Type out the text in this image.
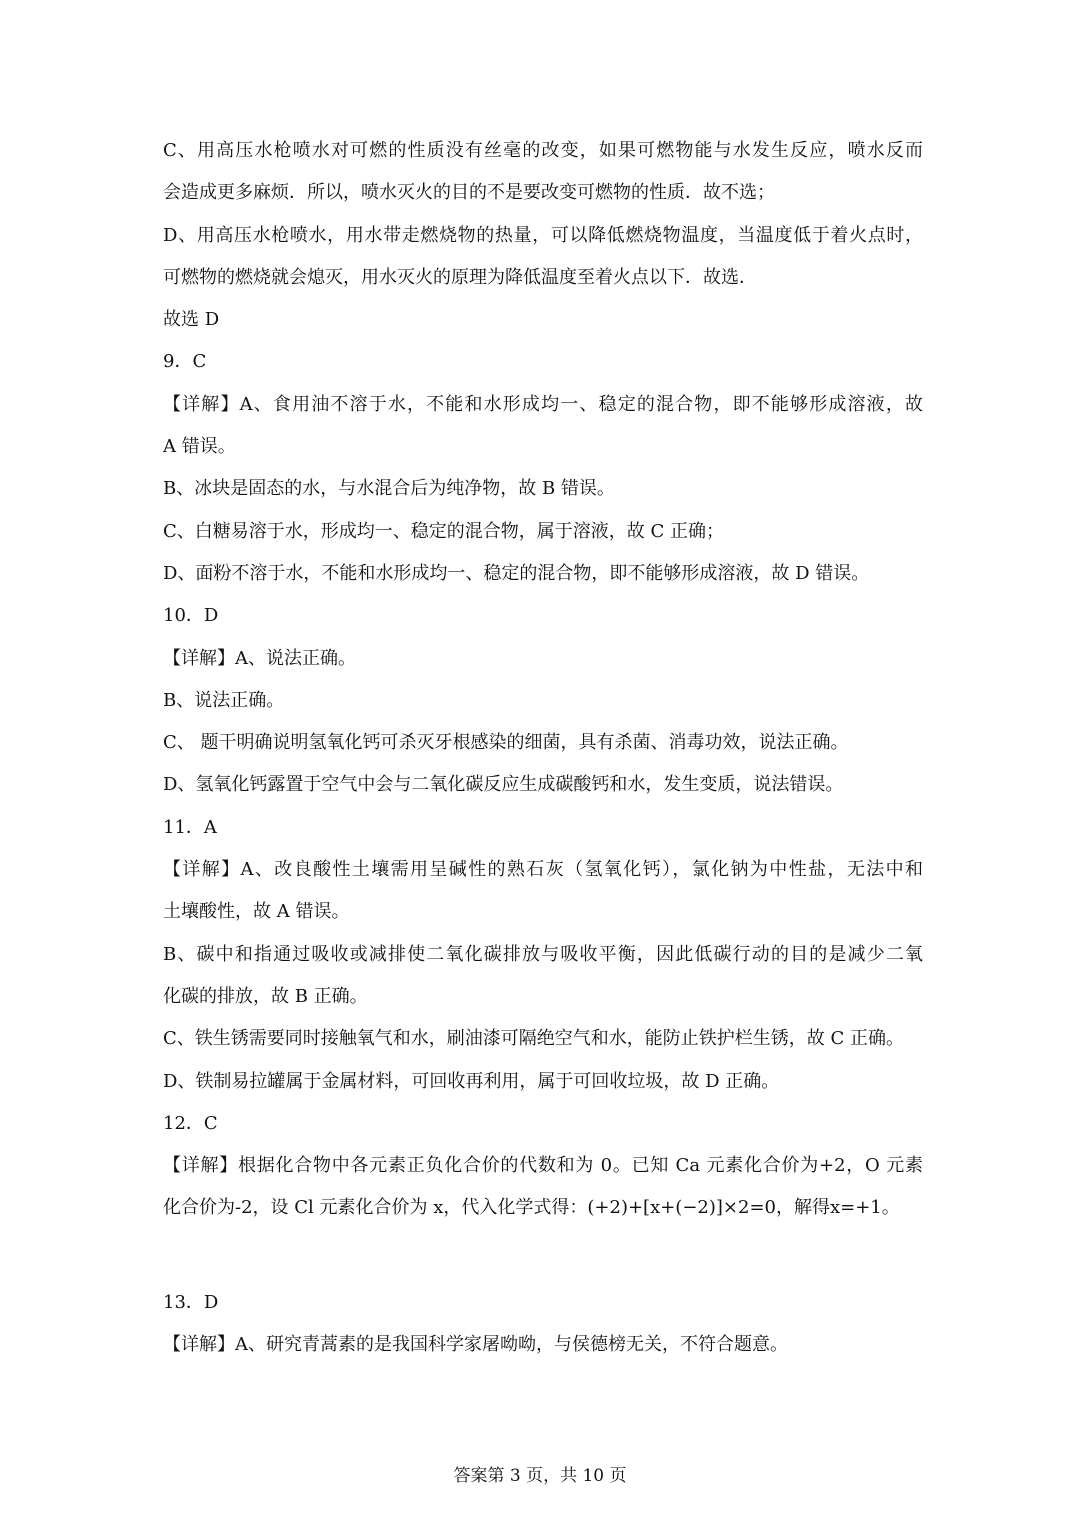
C、用高压水枪喷水对可燃的性质没有丝毫的改变，如果可燃物能与水发生反应，喷水反而
会造成更多麻烦．所以，喷水灭火的目的不是要改变可燃物的性质．故不选；
D、用高压水枪喷水，用水带走燃烧物的热量，可以降低燃烧物温度，当温度低于着火点时，
可燃物的燃烧就会熄灭，用水灭火的原理为降低温度至着火点以下．故选．
故选 D
9．C
【详解】A、食用油不溶于水，不能和水形成均一、稳定的混合物，即不能够形成溶液，故
A 错误。
B、冰块是固态的水，与水混合后为纯净物，故 B 错误。
C、白糖易溶于水，形成均一、稳定的混合物，属于溶液，故 C 正确；
D、面粉不溶于水，不能和水形成均一、稳定的混合物，即不能够形成溶液，故 D 错误。
10．D
【详解】A、说法正确。
B、说法正确。
C、 题干明确说明氢氧化钙可杀灭牙根感染的细菌，具有杀菌、消毒功效，说法正确。
D、氢氧化钙露置于空气中会与二氧化碳反应生成碳酸钙和水，发生变质，说法错误。
11．A
【详解】A、改良酸性土壤需用呈碱性的熟石灰（氢氧化钙），氯化钠为中性盐，无法中和
土壤酸性，故 A 错误。
B、碳中和指通过吸收或减排使二氧化碳排放与吸收平衡，因此低碳行动的目的是减少二氧
化碳的排放，故 B 正确。
C、铁生锈需要同时接触氧气和水，刷油漆可隔绝空气和水，能防止铁护栏生锈，故 C 正确。
D、铁制易拉罐属于金属材料，可回收再利用，属于可回收垃圾，故 D 正确。
12．C
【详解】根据化合物中各元素正负化合价的代数和为 0。已知 Ca 元素化合价为+2，O 元素
化合价为-2，设 Cl 元素化合价为 x，代入化学式得：(+2)+[x+(−2)]×2=0，解得x=+1。
13．D
【详解】A、研究青蒿素的是我国科学家屠呦呦，与侯德榜无关，不符合题意。
答案第 3 页，共 10 页
